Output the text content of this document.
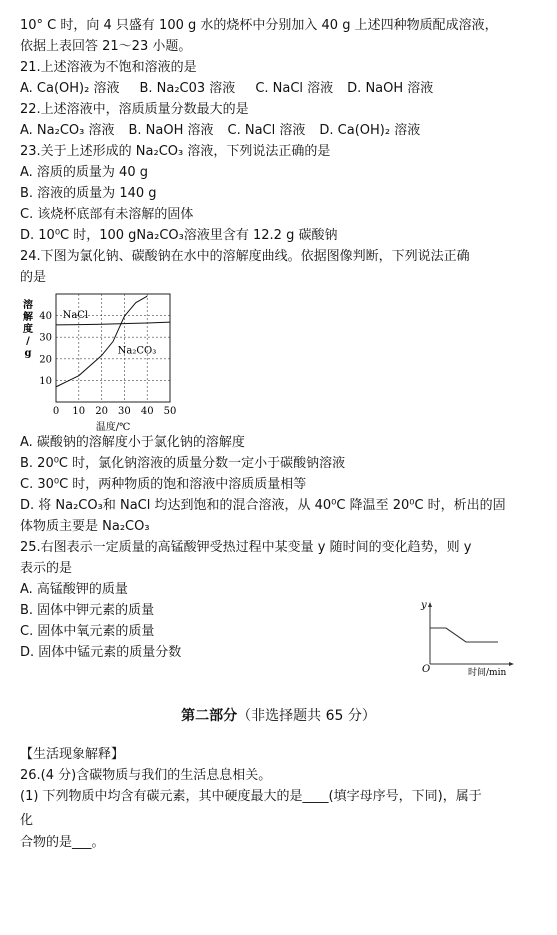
10° C 时，向 4 只盛有 100 g 水的烧杯中分别加入 40 g 上述四种物质配成溶液，
依据上表回答 21～23 小题。
21.上述溶液为不饱和溶液的是
A. Ca(OH)₂ 溶液 B. Na₂C03 溶液 C. NaCl 溶液 D. NaOH 溶液
22.上述溶液中，溶质质量分数最大的是
A. Na₂CO₃ 溶液 B. NaOH 溶液 C. NaCl 溶液 D. Ca(OH)₂ 溶液
23.关于上述形成的 Na₂CO₃ 溶液，下列说法正确的是
A. 溶质的质量为 40 g
B. 溶液的质量为 140 g
C. 该烧杯底部有未溶解的固体
D. 10⁰C 时，100 gNa₂CO₃溶液里含有 12.2 g 碳酸钠
24.下图为氯化钠、碳酸钠在水中的溶解度曲线。依据图像判断，下列说法正确
的是
0 10 20 30 40 50
10
20
30
40
温度/℃
溶解度/ g
NaCl
Na₂CO₃
A. 碳酸钠的溶解度小于氯化钠的溶解度
B. 20⁰C 时，氯化钠溶液的质量分数一定小于碳酸钠溶液
C. 30⁰C 时，两种物质的饱和溶液中溶质质量相等
D. 将 Na₂CO₃和 NaCl 均达到饱和的混合溶液，从 40⁰C 降温至 20⁰C 时，析出的固
体物质主要是 Na₂CO₃
25.右图表示一定质量的高锰酸钾受热过程中某变量 y 随时间的变化趋势，则 y
表示的是
A. 高锰酸钾的质量
B. 固体中钾元素的质量
C. 固体中氧元素的质量
D. 固体中锰元素的质量分数
y
O	时间/min
第二部分（非选择题共 65 分）
【生活现象解释】
26.(4 分)含碳物质与我们的生活息息相关。
(1) 下列物质中均含有碳元素，其中硬度最大的是____(填字母序号，下同)，属于
化
合物的是___。
